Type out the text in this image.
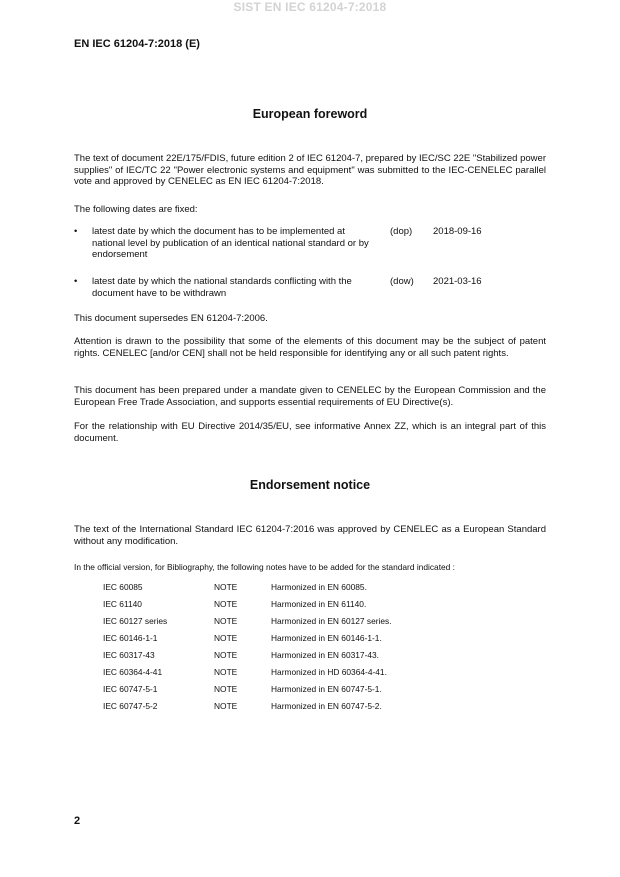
SIST EN IEC 61204-7:2018
EN IEC 61204-7:2018 (E)
European foreword
The text of document 22E/175/FDIS, future edition 2 of IEC 61204-7, prepared by IEC/SC 22E "Stabilized power supplies" of IEC/TC 22 "Power electronic systems and equipment" was submitted to the IEC-CENELEC parallel vote and approved by CENELEC as EN IEC 61204-7:2018.
The following dates are fixed:
• latest date by which the document has to be implemented at national level by publication of an identical national standard or by endorsement
(dop) 2018-09-16
• latest date by which the national standards conflicting with the document have to be withdrawn
(dow) 2021-03-16
This document supersedes EN 61204-7:2006.
Attention is drawn to the possibility that some of the elements of this document may be the subject of patent rights. CENELEC [and/or CEN] shall not be held responsible for identifying any or all such patent rights.
This document has been prepared under a mandate given to CENELEC by the European Commission and the European Free Trade Association, and supports essential requirements of EU Directive(s).
For the relationship with EU Directive 2014/35/EU, see informative Annex ZZ, which is an integral part of this document.
Endorsement notice
The text of the International Standard IEC 61204-7:2016 was approved by CENELEC as a European Standard without any modification.
In the official version, for Bibliography, the following notes have to be added for the standard indicated :
IEC 60085	NOTE	Harmonized in EN 60085.
IEC 61140	NOTE	Harmonized in EN 61140.
IEC 60127 series	NOTE	Harmonized in EN 60127 series.
IEC 60146-1-1	NOTE	Harmonized in EN 60146-1-1.
IEC 60317-43	NOTE	Harmonized in EN 60317-43.
IEC 60364-4-41	NOTE	Harmonized in HD 60364-4-41.
IEC 60747-5-1	NOTE	Harmonized in EN 60747-5-1.
IEC 60747-5-2	NOTE	Harmonized in EN 60747-5-2.
2
